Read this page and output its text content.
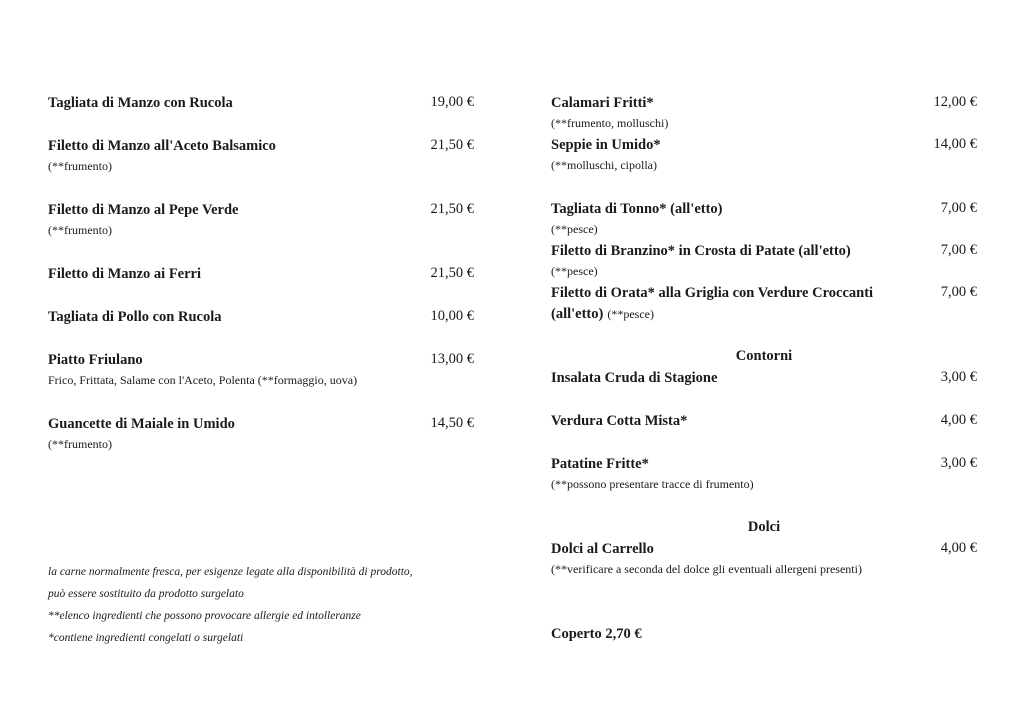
Tagliata di Manzo con Rucola	19,00 €
Filetto di Manzo all'Aceto Balsamico	21,50 €
(**frumento)
Filetto di Manzo al Pepe Verde	21,50 €
(**frumento)
Filetto di Manzo ai Ferri	21,50 €
Tagliata di Pollo con Rucola	10,00 €
Piatto Friulano	13,00 €
Frico, Frittata, Salame con l'Aceto, Polenta (**formaggio, uova)
Guancette di Maiale in Umido	14,50 €
(**frumento)
la carne normalmente fresca, per esigenze legate alla disponibilità di prodotto,
può essere sostituito da prodotto surgelato
**elenco ingredienti che possono provocare allergie ed intolleranze
*contiene ingredienti congelati o surgelati
Calamari Fritti*	12,00 €
(**frumento, molluschi)
Seppie in Umido*	14,00 €
(**molluschi, cipolla)
Tagliata di Tonno* (all'etto)	7,00 €
(**pesce)
Filetto di Branzino* in Crosta di Patate (all'etto)	7,00 €
(**pesce)
Filetto di Orata* alla Griglia con Verdure Croccanti	7,00 €
(all'etto) (**pesce)
Contorni
Insalata Cruda di Stagione	3,00 €
Verdura Cotta Mista*	4,00 €
Patatine Fritte*	3,00 €
(**possono presentare tracce di frumento)
Dolci
Dolci al Carrello	4,00 €
(**verificare a seconda del dolce gli eventuali allergeni presenti)
Coperto 2,70 €
